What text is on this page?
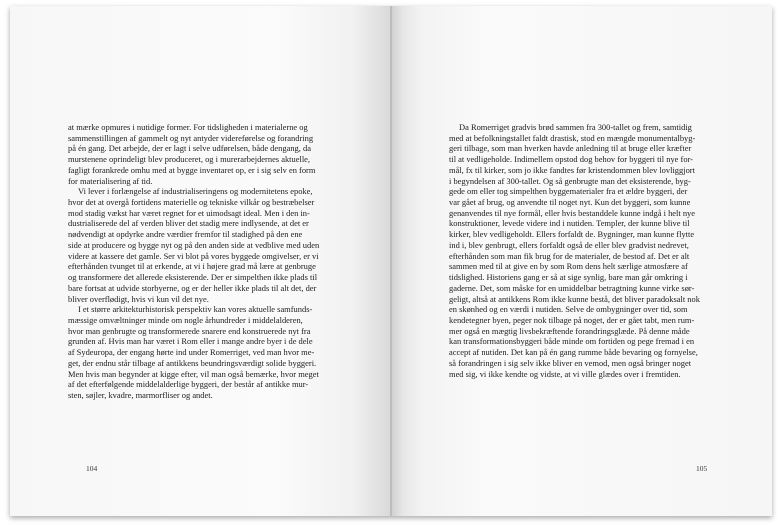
at mærke opmures i nutidige former. For tidsligheden i materialerne og
sammenstillingen af gammelt og nyt antyder videreførelse og forandring
på én gang. Det arbejde, der er lagt i selve udførelsen, både dengang, da
murstenene oprindeligt blev produceret, og i murerarbejdernes aktuelle,
fagligt forankrede omhu med at bygge inventaret op, er i sig selv en form
for materialisering af tid.
Vi lever i forlængelse af industrialiseringens og modernitetens epoke,
hvor det at overgå fortidens materielle og tekniske vilkår og bestræbelser
mod stadig vækst har været regnet for et uimodsagt ideal. Men i den in-
dustrialiserede del af verden bliver det stadig mere indlysende, at det er
nødvendigt at opdyrke andre værdier fremfor til stadighed på den ene
side at producere og bygge nyt og på den anden side at vedblive med uden
videre at kassere det gamle. Ser vi blot på vores byggede omgivelser, er vi
efterhånden tvunget til at erkende, at vi i højere grad må lære at genbruge
og transformere det allerede eksisterende. Der er simpelthen ikke plads til
bare fortsat at udvide storbyerne, og er der heller ikke plads til alt det, der
bliver overflødigt, hvis vi kun vil det nye.
I et større arkitekturhistorisk perspektiv kan vores aktuelle samfunds-
mæssige omvæltninger minde om nogle århundreder i middelalderen,
hvor man genbrugte og transformerede snarere end konstruerede nyt fra
grunden af. Hvis man har været i Rom eller i mange andre byer i de dele
af Sydeuropa, der engang hørte ind under Romerriget, ved man hvor me-
get, der endnu står tilbage af antikkens beundringsværdigt solide byggeri.
Men hvis man begynder at kigge efter, vil man også bemærke, hvor meget
af det efterfølgende middelalderlige byggeri, der består af antikke mur-
sten, søjler, kvadre, marmorfliser og andet.
104
Da Romerriget gradvis brød sammen fra 300-tallet og frem, samtidig
med at befolkningstallet faldt drastisk, stod en mængde monumentalbyg-
geri tilbage, som man hverken havde anledning til at bruge eller kræfter
til at vedligeholde. Indimellem opstod dog behov for byggeri til nye for-
mål, fx til kirker, som jo ikke fandtes før kristendommen blev lovliggjort
i begyndelsen af 300-tallet. Og så genbrugte man det eksisterende, byg-
gede om eller tog simpelthen byggematerialer fra et ældre byggeri, der
var gået af brug, og anvendte til noget nyt. Kun det byggeri, som kunne
genanvendes til nye formål, eller hvis bestanddele kunne indgå i helt nye
konstruktioner, levede videre ind i nutiden. Templer, der kunne blive til
kirker, blev vedligeholdt. Ellers forfaldt de. Bygninger, man kunne flytte
ind i, blev genbrugt, ellers forfaldt også de eller blev gradvist nedrevet,
efterhånden som man fik brug for de materialer, de bestod af. Det er alt
sammen med til at give en by som Rom dens helt særlige atmosfære af
tidslighed. Historiens gang er så at sige synlig, bare man går omkring i
gaderne. Det, som måske for en umiddelbar betragtning kunne virke sør-
geligt, altså at antikkens Rom ikke kunne bestå, det bliver paradoksalt nok
en skønhed og en værdi i nutiden. Selve de ombygninger over tid, som
kendetegner byen, peger nok tilbage på noget, der er gået tabt, men rum-
mer også en mægtig livsbekræftende forandringsglæde. På denne måde
kan transformationsbyggeri både minde om fortiden og pege fremad i en
accept af nutiden. Det kan på én gang rumme både bevaring og fornyelse,
så forandringen i sig selv ikke bliver en vemod, men også bringer noget
med sig, vi ikke kendte og vidste, at vi ville glædes over i fremtiden.
105
